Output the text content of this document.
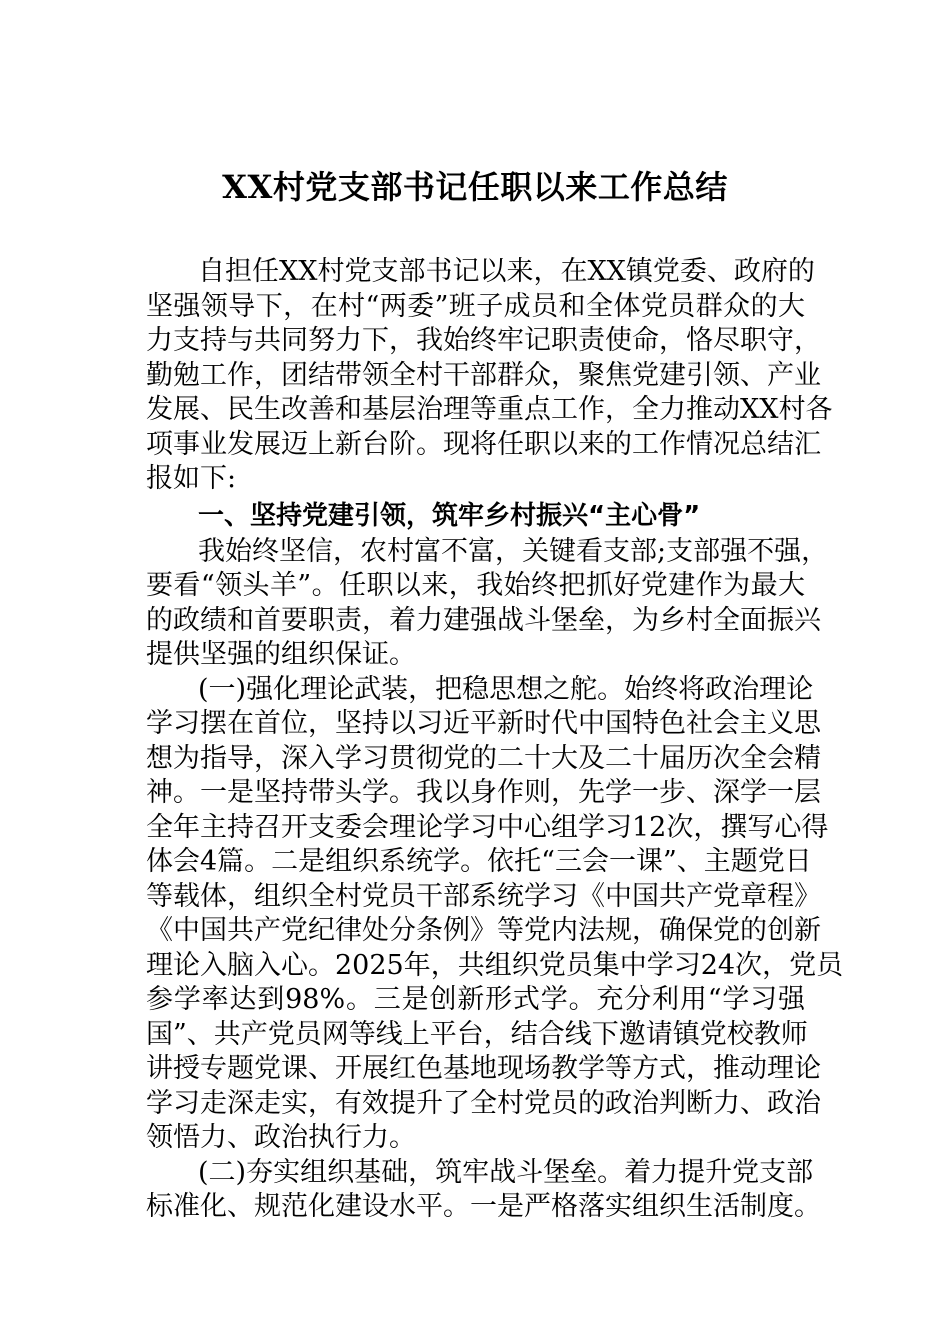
XX村党支部书记任职以来工作总结
自担任XX村党支部书记以来，在XX镇党委、政府的
坚强领导下，在村“两委”班子成员和全体党员群众的大
力支持与共同努力下，我始终牢记职责使命，恪尽职守，
勤勉工作，团结带领全村干部群众，聚焦党建引领、产业
发展、民生改善和基层治理等重点工作，全力推动XX村各
项事业发展迈上新台阶。现将任职以来的工作情况总结汇
报如下:
一、坚持党建引领，筑牢乡村振兴“主心骨”
我始终坚信，农村富不富，关键看支部;支部强不强，
要看“领头羊”。任职以来，我始终把抓好党建作为最大
的政绩和首要职责，着力建强战斗堡垒，为乡村全面振兴
提供坚强的组织保证。
(一)强化理论武装，把稳思想之舵。始终将政治理论
学习摆在首位，坚持以习近平新时代中国特色社会主义思
想为指导，深入学习贯彻党的二十大及二十届历次全会精
神。一是坚持带头学。我以身作则，先学一步、深学一层
全年主持召开支委会理论学习中心组学习12次，撰写心得
体会4篇。二是组织系统学。依托“三会一课”、主题党日
等载体，组织全村党员干部系统学习《中国共产党章程》
《中国共产党纪律处分条例》等党内法规，确保党的创新
理论入脑入心。2025年，共组织党员集中学习24次，党员
参学率达到98%。三是创新形式学。充分利用“学习强
国”、共产党员网等线上平台，结合线下邀请镇党校教师
讲授专题党课、开展红色基地现场教学等方式，推动理论
学习走深走实，有效提升了全村党员的政治判断力、政治
领悟力、政治执行力。
(二)夯实组织基础，筑牢战斗堡垒。着力提升党支部
标准化、规范化建设水平。一是严格落实组织生活制度。
